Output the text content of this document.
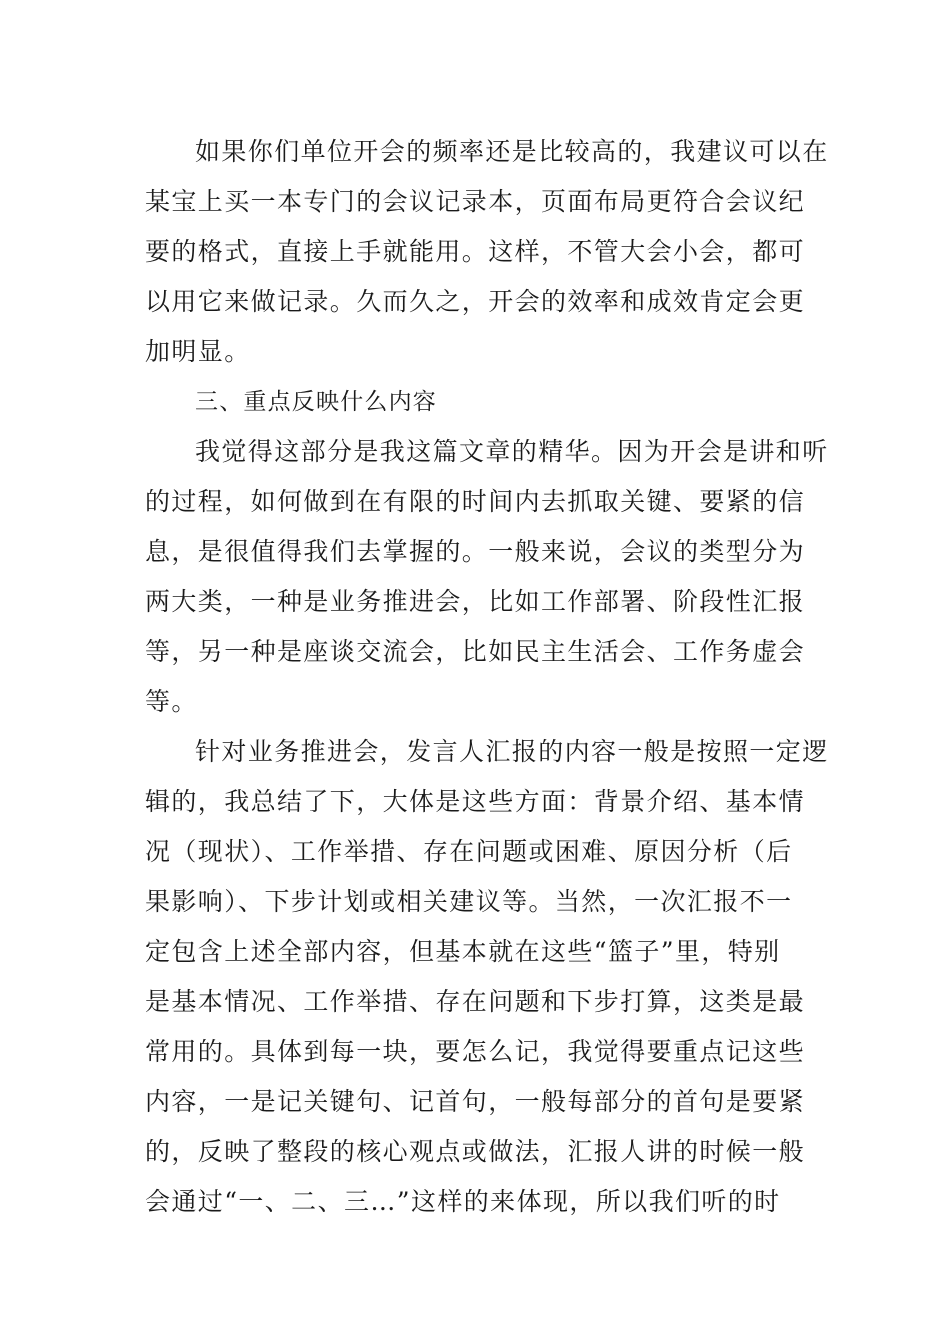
如果你们单位开会的频率还是比较高的，我建议可以在
某宝上买一本专门的会议记录本，页面布局更符合会议纪
要的格式，直接上手就能用。这样，不管大会小会，都可
以用它来做记录。久而久之，开会的效率和成效肯定会更
加明显。
三、重点反映什么内容
我觉得这部分是我这篇文章的精华。因为开会是讲和听
的过程，如何做到在有限的时间内去抓取关键、要紧的信
息，是很值得我们去掌握的。一般来说，会议的类型分为
两大类，一种是业务推进会，比如工作部署、阶段性汇报
等，另一种是座谈交流会，比如民主生活会、工作务虚会
等。
针对业务推进会，发言人汇报的内容一般是按照一定逻
辑的，我总结了下，大体是这些方面：背景介绍、基本情
况（现状）、工作举措、存在问题或困难、原因分析（后
果影响）、下步计划或相关建议等。当然，一次汇报不一
定包含上述全部内容，但基本就在这些“篮子”里，特别
是基本情况、工作举措、存在问题和下步打算，这类是最
常用的。具体到每一块，要怎么记，我觉得要重点记这些
内容，一是记关键句、记首句，一般每部分的首句是要紧
的，反映了整段的核心观点或做法，汇报人讲的时候一般
会通过“一、二、三…”这样的来体现，所以我们听的时
